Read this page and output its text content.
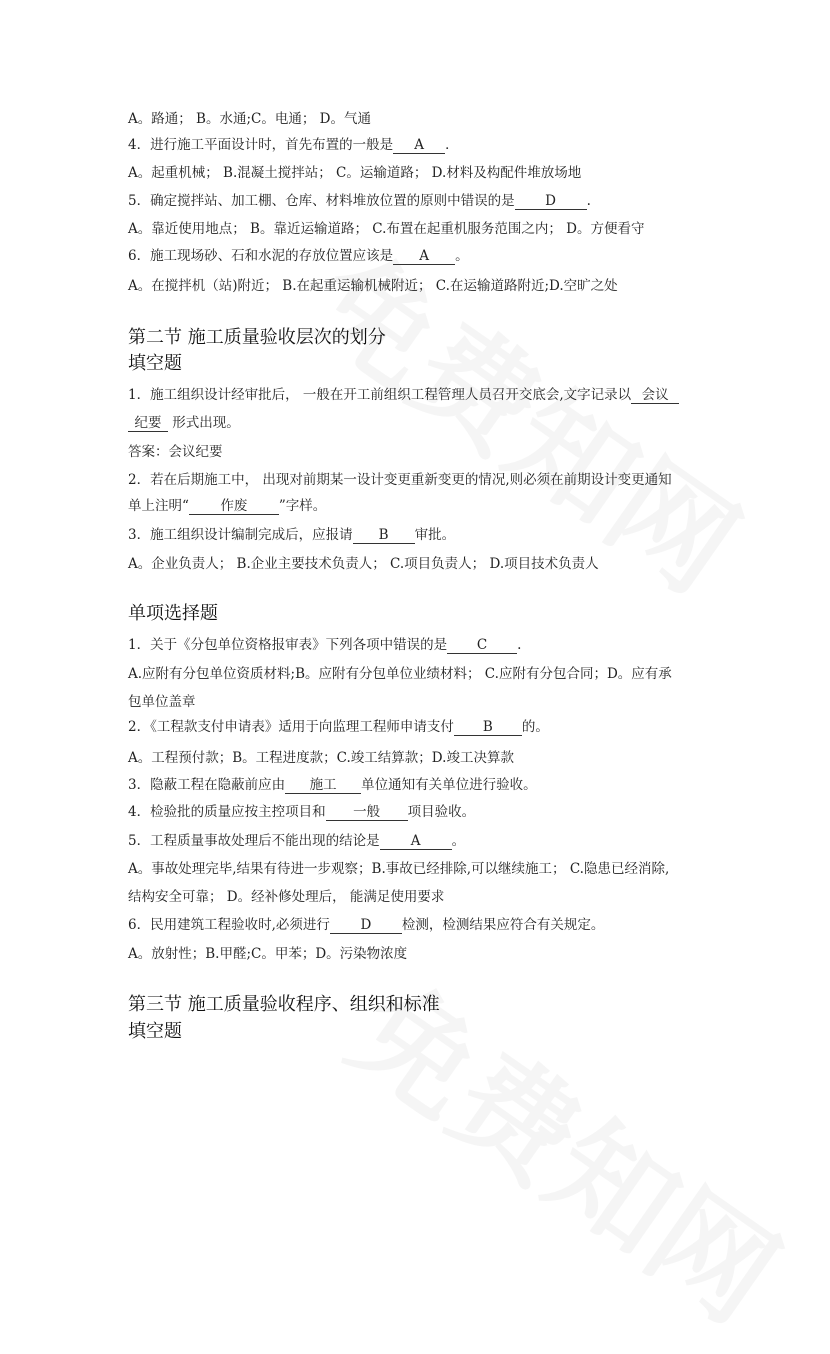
A。路通； B。水通;C。电通； D。气通
4．进行施工平面设计时，首先布置的一般是 A ．
A。起重机械； B.混凝土搅拌站； C。运输道路； D.材料及构配件堆放场地
5．确定搅拌站、加工棚、仓库、材料堆放位置的原则中错误的是 D .
A。靠近使用地点； B。靠近运输道路； C.布置在起重机服务范围之内； D。方便看守
6．施工现场砂、石和水泥的存放位置应该是 A 。
A。在搅拌机（站)附近； B.在起重运输机械附近； C.在运输道路附近;D.空旷之处
第二节 施工质量验收层次的划分
填空题
1．施工组织设计经审批后， 一般在开工前组织工程管理人员召开交底会,文字记录以 会议
纪要 形式出现。
答案：会议纪要
2．若在后期施工中， 出现对前期某一设计变更重新变更的情况,则必须在前期设计变更通知
单上注明“ 作废 ”字样。
3．施工组织设计编制完成后，应报请 B 审批。
A。企业负责人； B.企业主要技术负责人； C.项目负责人； D.项目技术负责人
单项选择题
1．关于《分包单位资格报审表》下列各项中错误的是 C .
A.应附有分包单位资质材料;B。应附有分包单位业绩材料； C.应附有分包合同；D。应有承
包单位盖章
2．《工程款支付申请表》适用于向监理工程师申请支付 B 的。
A。工程预付款；B。工程进度款；C.竣工结算款；D.竣工决算款
3．隐蔽工程在隐蔽前应由 施工 单位通知有关单位进行验收。
4．检验批的质量应按主控项目和 一般 项目验收。
5．工程质量事故处理后不能出现的结论是 A 。
A。事故处理完毕,结果有待进一步观察；B.事故已经排除,可以继续施工； C.隐患已经消除,
结构安全可靠； D。经补修处理后， 能满足使用要求
6．民用建筑工程验收时,必须进行 D 检测，检测结果应符合有关规定。
A。放射性；B.甲醛;C。甲苯；D。污染物浓度
第三节 施工质量验收程序、组织和标准
填空题
